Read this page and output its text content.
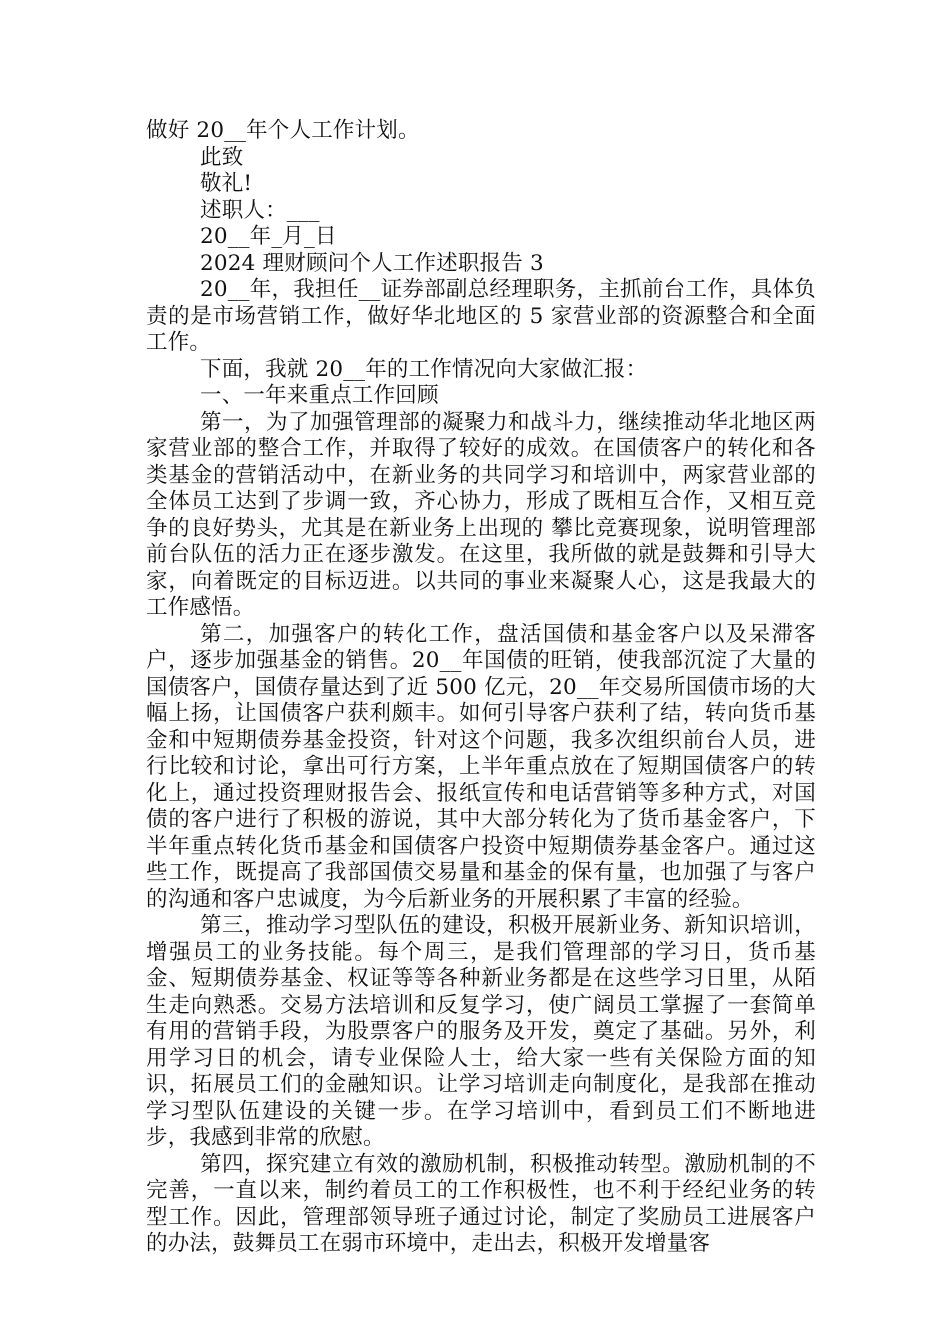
做好 20__年个人工作计划。

此致

敬礼!

述职人：___

20__年_月_日

2024 理财顾问个人工作述职报告 3

20__年，我担任__证券部副总经理职务，主抓前台工作，具体负责的是市场营销工作，做好华北地区的 5 家营业部的资源整合和全面工作。

下面，我就 20__年的工作情况向大家做汇报：

一、一年来重点工作回顾

第一，为了加强管理部的凝聚力和战斗力，继续推动华北地区两家营业部的整合工作，并取得了较好的成效。在国债客户的转化和各类基金的营销活动中，在新业务的共同学习和培训中，两家营业部的全体员工达到了步调一致，齐心协力，形成了既相互合作，又相互竞争的良好势头，尤其是在新业务上出现的 攀比竞赛现象，说明管理部前台队伍的活力正在逐步激发。在这里，我所做的就是鼓舞和引导大家，向着既定的目标迈进。以共同的事业来凝聚人心，这是我最大的工作感悟。

第二，加强客户的转化工作，盘活国债和基金客户以及呆滞客户，逐步加强基金的销售。20__年国债的旺销，使我部沉淀了大量的国债客户，国债存量达到了近 500 亿元，20__年交易所国债市场的大幅上扬，让国债客户获利颇丰。如何引导客户获利了结，转向货币基金和中短期债券基金投资，针对这个问题，我多次组织前台人员，进行比较和讨论，拿出可行方案，上半年重点放在了短期国债客户的转化上，通过投资理财报告会、报纸宣传和电话营销等多种方式，对国债的客户进行了积极的游说，其中大部分转化为了货币基金客户，下半年重点转化货币基金和国债客户投资中短期债券基金客户。通过这些工作，既提高了我部国债交易量和基金的保有量，也加强了与客户的沟通和客户忠诚度，为今后新业务的开展积累了丰富的经验。

第三，推动学习型队伍的建设，积极开展新业务、新知识培训，增强员工的业务技能。每个周三，是我们管理部的学习日，货币基金、短期债券基金、权证等等各种新业务都是在这些学习日里，从陌生走向熟悉。交易方法培训和反复学习，使广阔员工掌握了一套简单有用的营销手段，为股票客户的服务及开发，奠定了基础。另外，利用学习日的机会，请专业保险人士，给大家一些有关保险方面的知识，拓展员工们的金融知识。让学习培训走向制度化，是我部在推动学习型队伍建设的关键一步。在学习培训中，看到员工们不断地进步，我感到非常的欣慰。

第四，探究建立有效的激励机制，积极推动转型。激励机制的不完善，一直以来，制约着员工的工作积极性，也不利于经纪业务的转型工作。因此，管理部领导班子通过讨论，制定了奖励员工进展客户的办法，鼓舞员工在弱市环境中，走出去，积极开发增量客
